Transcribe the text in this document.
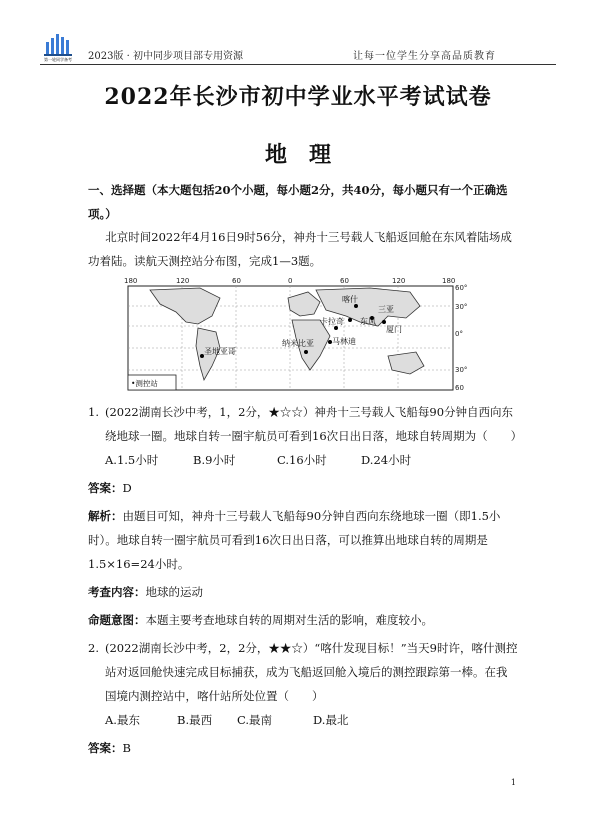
第一轮同学备考	2023版 · 初中同步项目部专用资源	让每一位学生分享高品质教育
2022年长沙市初中学业水平考试试卷
地理
一、选择题（本大题包括20个小题，每小题2分，共40分，每小题只有一个正确选项。）
北京时间2022年4月16日9时56分，神舟十三号载人飞船返回舱在东风着陆场成功着陆。读航天测控站分布图，完成1—3题。
180	120	60	0	60	120	180
60°
30°
0°
30°
60
喀什
三亚
东风
卡拉奇
厦门
圣地亚哥
纳米比亚 马林迪
•测控站
1. (2022湖南长沙中考，1，2分，★☆☆）神舟十三号载人飞船每90分钟自西向东绕地球一圈。地球自转一圈宇航员可看到16次日出日落，地球自转周期为（　　）
A.1.5小时	B.9小时	C.16小时	D.24小时
答案：D
解析：由题目可知，神舟十三号载人飞船每90分钟自西向东绕地球一圈（即1.5小时）。地球自转一圈宇航员可看到16次日出日落，可以推算出地球自转的周期是1.5×16=24小时。
考查内容：地球的运动
命题意图：本题主要考查地球自转的周期对生活的影响，难度较小。
2. (2022湖南长沙中考，2，2分，★★☆）“喀什发现目标！”当天9时许，喀什测控站对返回舱快速完成目标捕获，成为飞船返回舱入境后的测控跟踪第一棒。在我国境内测控站中，喀什站所处位置（　　）
A.最东	B.最西 C.最南	D.最北
答案：B
1
